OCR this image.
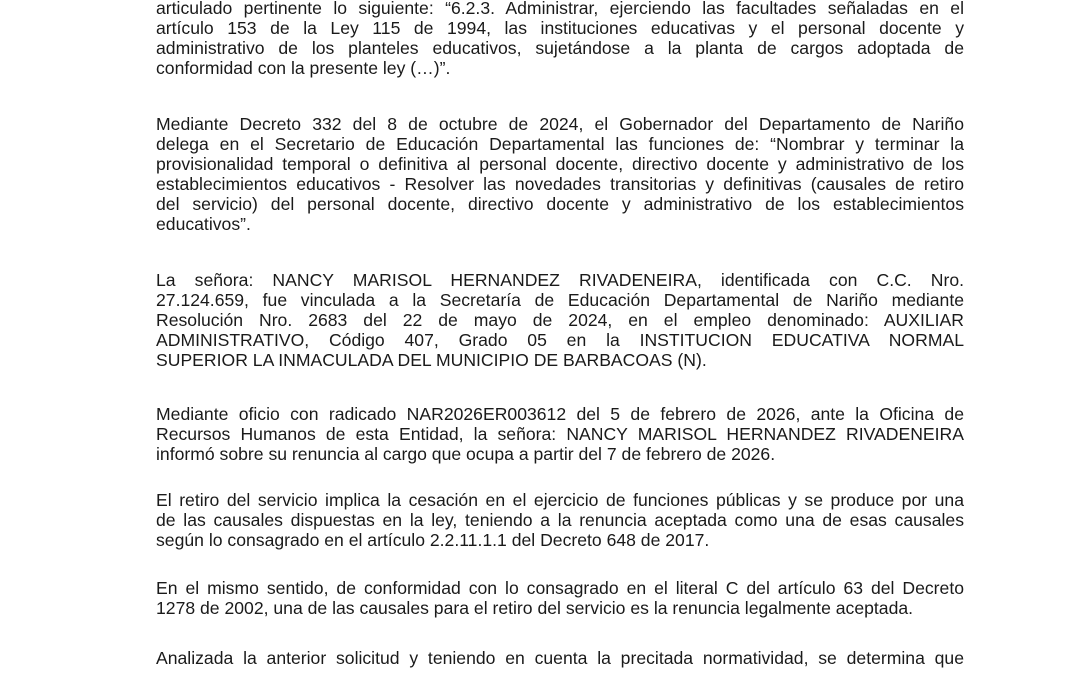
articulado pertinente lo siguiente: “6.2.3. Administrar, ejerciendo las facultades señaladas en el
artículo 153 de la Ley 115 de 1994, las instituciones educativas y el personal docente y
administrativo de los planteles educativos, sujetándose a la planta de cargos adoptada de
conformidad con la presente ley (…)”.
Mediante Decreto 332 del 8 de octubre de 2024, el Gobernador del Departamento de Nariño
delega en el Secretario de Educación Departamental las funciones de: “Nombrar y terminar la
provisionalidad temporal o definitiva al personal docente, directivo docente y administrativo de los
establecimientos educativos - Resolver las novedades transitorias y definitivas (causales de retiro
del servicio) del personal docente, directivo docente y administrativo de los establecimientos
educativos”.
La señora: NANCY MARISOL HERNANDEZ RIVADENEIRA, identificada con C.C. Nro.
27.124.659, fue vinculada a la Secretaría de Educación Departamental de Nariño mediante
Resolución Nro. 2683 del 22 de mayo de 2024, en el empleo denominado: AUXILIAR
ADMINISTRATIVO, Código 407, Grado 05 en la INSTITUCION EDUCATIVA NORMAL
SUPERIOR LA INMACULADA DEL MUNICIPIO DE BARBACOAS (N).
Mediante oficio con radicado NAR2026ER003612 del 5 de febrero de 2026, ante la Oficina de
Recursos Humanos de esta Entidad, la señora: NANCY MARISOL HERNANDEZ RIVADENEIRA
informó sobre su renuncia al cargo que ocupa a partir del 7 de febrero de 2026.
El retiro del servicio implica la cesación en el ejercicio de funciones públicas y se produce por una
de las causales dispuestas en la ley, teniendo a la renuncia aceptada como una de esas causales
según lo consagrado en el artículo 2.2.11.1.1 del Decreto 648 de 2017.
En el mismo sentido, de conformidad con lo consagrado en el literal C del artículo 63 del Decreto
1278 de 2002, una de las causales para el retiro del servicio es la renuncia legalmente aceptada.
Analizada la anterior solicitud y teniendo en cuenta la precitada normatividad, se determina que
